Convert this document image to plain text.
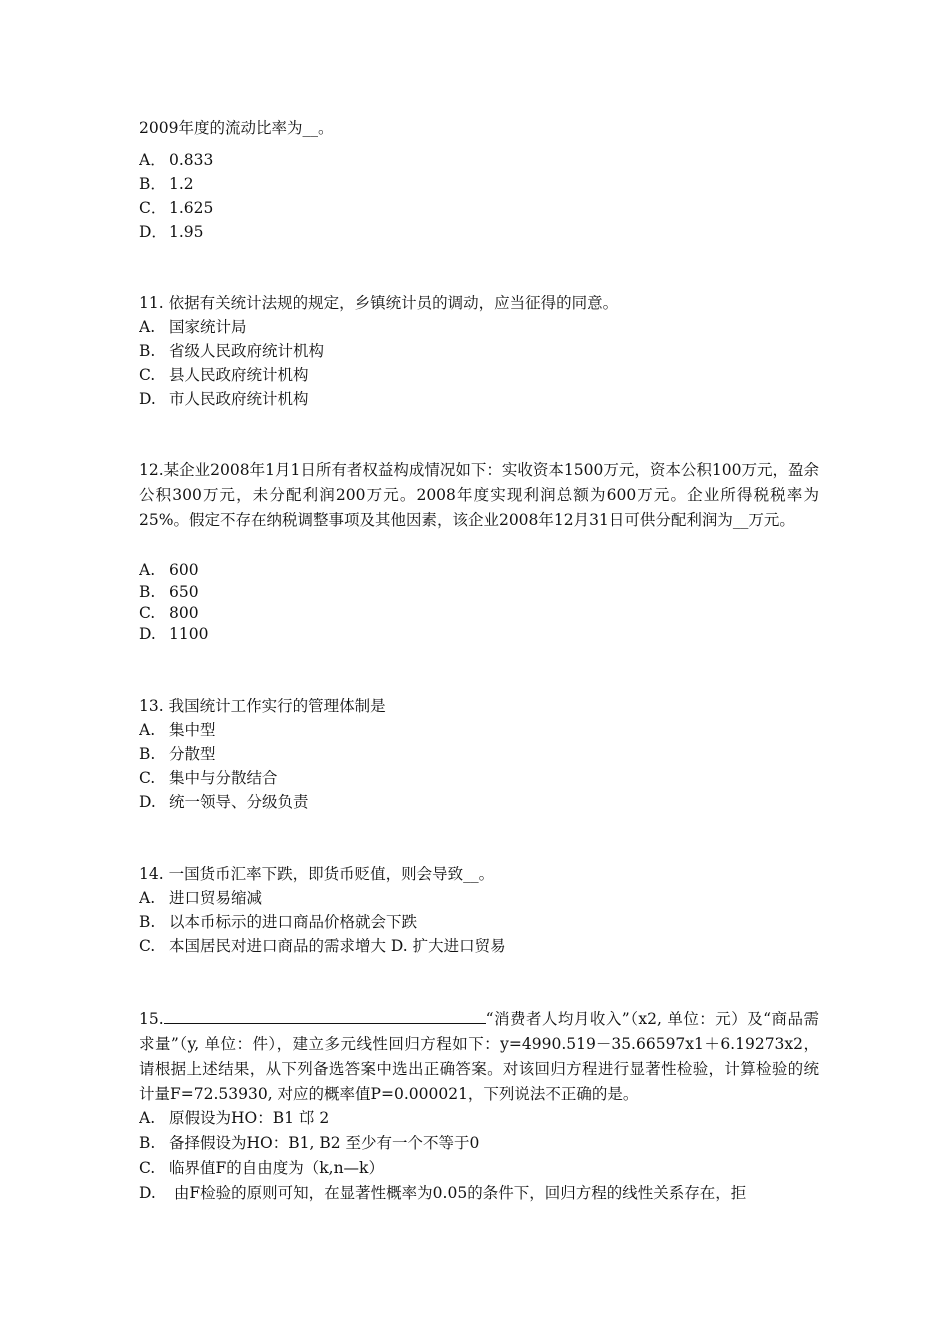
2009年度的流动比率为__。
A． 0.833
B． 1.2
C． 1.625
D． 1.95
11. 依据有关统计法规的规定，乡镇统计员的调动，应当征得的同意。
A. 国家统计局
B. 省级人民政府统计机构
C. 县人民政府统计机构
D. 市人民政府统计机构
12.某企业2008年1月1日所有者权益构成情况如下：实收资本1500万元，资本公积100万元，盈余公积300万元，未分配利润200万元。2008年度实现利润总额为600万元。企业所得税税率为25%。假定不存在纳税调整事项及其他因素，该企业2008年12月31日可供分配利润为__万元。
A. 600
B. 650
C. 800
D. 1100
13. 我国统计工作实行的管理体制是
A. 集中型
B. 分散型
C. 集中与分散结合
D. 统一领导、分级负责
14. 一国货币汇率下跌，即货币贬值，则会导致__。
A. 进口贸易缩减
B. 以本币标示的进口商品价格就会下跌
C. 本国居民对进口商品的需求增大 D. 扩大进口贸易
15.	“消费者人均月收入”（x2, 单位：元）及“商品需求量”（y, 单位：件），建立多元线性回归方程如下：y=4990.519－35.66597x1＋6.19273x2，请根据上述结果，从下列备选答案中选出正确答案。对该回归方程进行显著性检验，计算检验的统计量F=72.53930, 对应的概率值P=0.000021，下列说法不正确的是。
A. 原假设为HO：B1 邙 2
B. 备择假设为HO：B1, B2 至少有一个不等于0
C. 临界值F的自由度为（k,n—k）
D. 由F检验的原则可知，在显著性概率为0.05的条件下，回归方程的线性关系存在，拒
